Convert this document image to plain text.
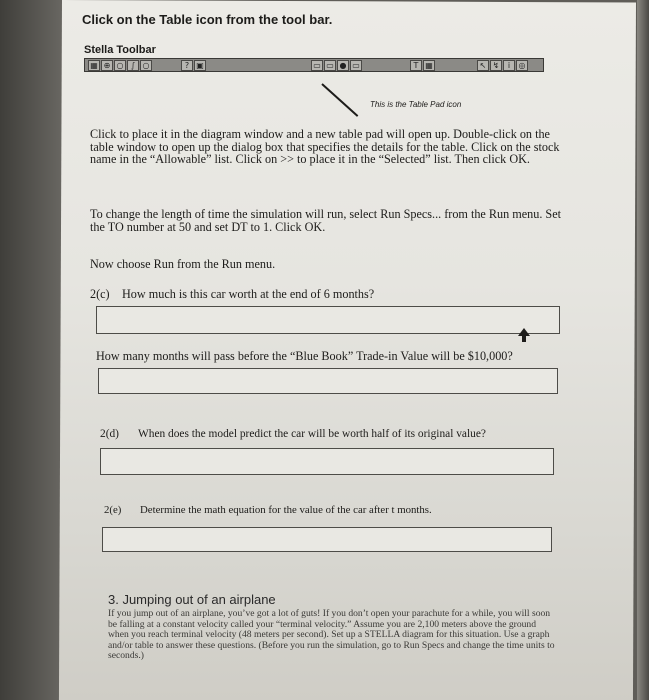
Click on the Table icon from the tool bar.
Stella Toolbar
▦ ⊕ ○ ∫ ○	? ▣	▭ ▭ ● ▭	T ▦	↖ ↯	i	◎
This is the Table Pad icon
Click to place it in the diagram window and a new table pad will open up. Double-click on the table window to open up the dialog box that specifies the details for the table. Click on the stock name in the “Allowable” list. Click on >> to place it in the “Selected” list. Then click OK.
To change the length of time the simulation will run, select Run Specs... from the Run menu. Set the TO number at 50 and set DT to 1. Click OK.
Now choose Run from the Run menu.
2(c) How much is this car worth at the end of 6 months?
How many months will pass before the “Blue Book” Trade-in Value will be $10,000?
2(d) When does the model predict the car will be worth half of its original value?
2(e) Determine the math equation for the value of the car after t months.
3. Jumping out of an airplane
If you jump out of an airplane, you’ve got a lot of guts! If you don’t open your parachute for a while, you will soon be falling at a constant velocity called your “terminal velocity.” Assume you are 2,100 meters above the ground when you reach terminal velocity (48 meters per second). Set up a STELLA diagram for this situation. Use a graph and/or table to answer these questions. (Before you run the simulation, go to Run Specs and change the time units to seconds.)
